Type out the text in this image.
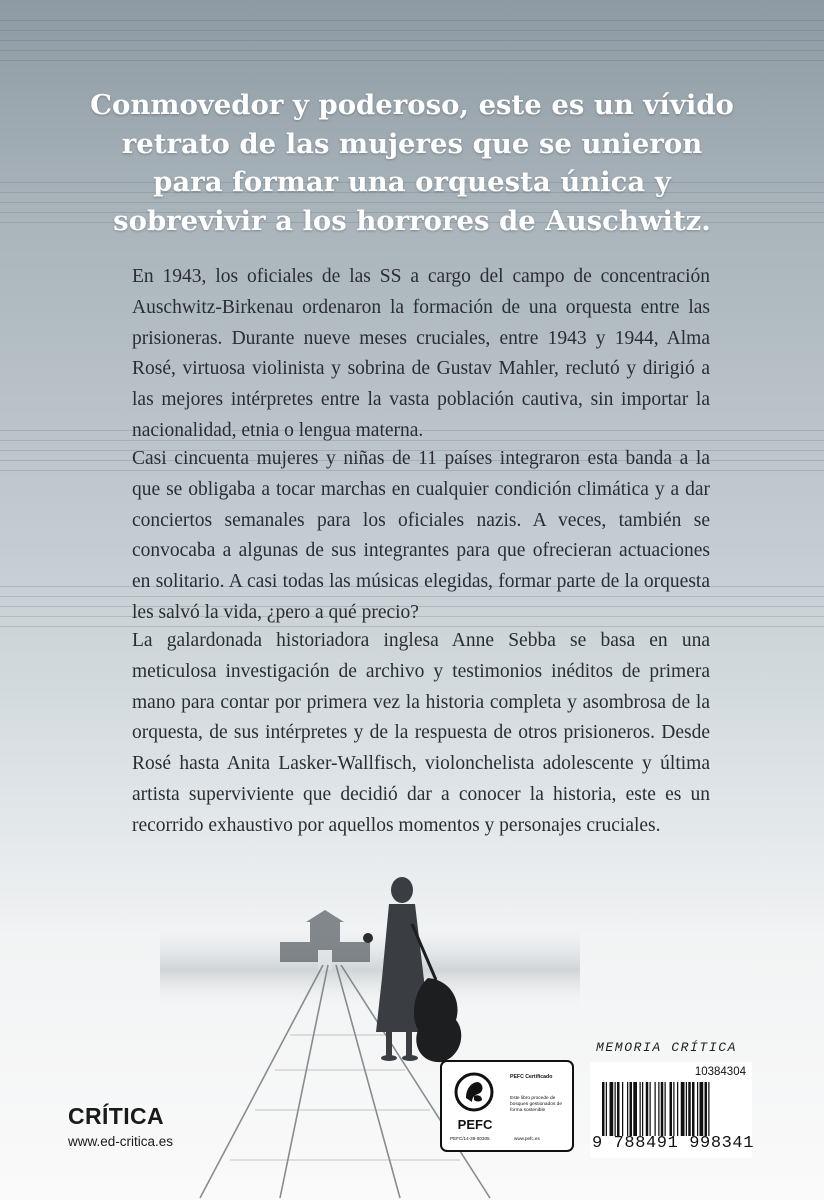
Conmovedor y poderoso, este es un vívido retrato de las mujeres que se unieron para formar una orquesta única y sobrevivir a los horrores de Auschwitz.

En 1943, los oficiales de las SS a cargo del campo de concentración Auschwitz-Birkenau ordenaron la formación de una orquesta entre las prisioneras. Durante nueve meses cruciales, entre 1943 y 1944, Alma Rosé, virtuosa violinista y sobrina de Gustav Mahler, reclutó y dirigió a las mejores intérpretes entre la vasta población cautiva, sin importar la nacionalidad, etnia o lengua materna.

Casi cincuenta mujeres y niñas de 11 países integraron esta banda a la que se obligaba a tocar marchas en cualquier condición climática y a dar conciertos semanales para los oficiales nazis. A veces, también se convocaba a algunas de sus integrantes para que ofrecieran actuaciones en solitario. A casi todas las músicas elegidas, formar parte de la orquesta les salvó la vida, ¿pero a qué precio?

La galardonada historiadora inglesa Anne Sebba se basa en una meticulosa investigación de archivo y testimonios inéditos de primera mano para contar por primera vez la historia completa y asombrosa de la orquesta, de sus intérpretes y de la respuesta de otros prisioneros. Desde Rosé hasta Anita Lasker-Wallfisch, violonchelista adolescente y última artista superviviente que decidió dar a conocer la historia, este es un recorrido exhaustivo por aquellos momentos y personajes cruciales.

MEMORIA CRÍTICA
PEFC
PEFC/14-38-00305
PEFC Certificado

Este libro procede de bosques gestionados de forma sostenible

www.pefc.es
10384304
9 788491 998341
CRÍTICA
www.ed-critica.es
